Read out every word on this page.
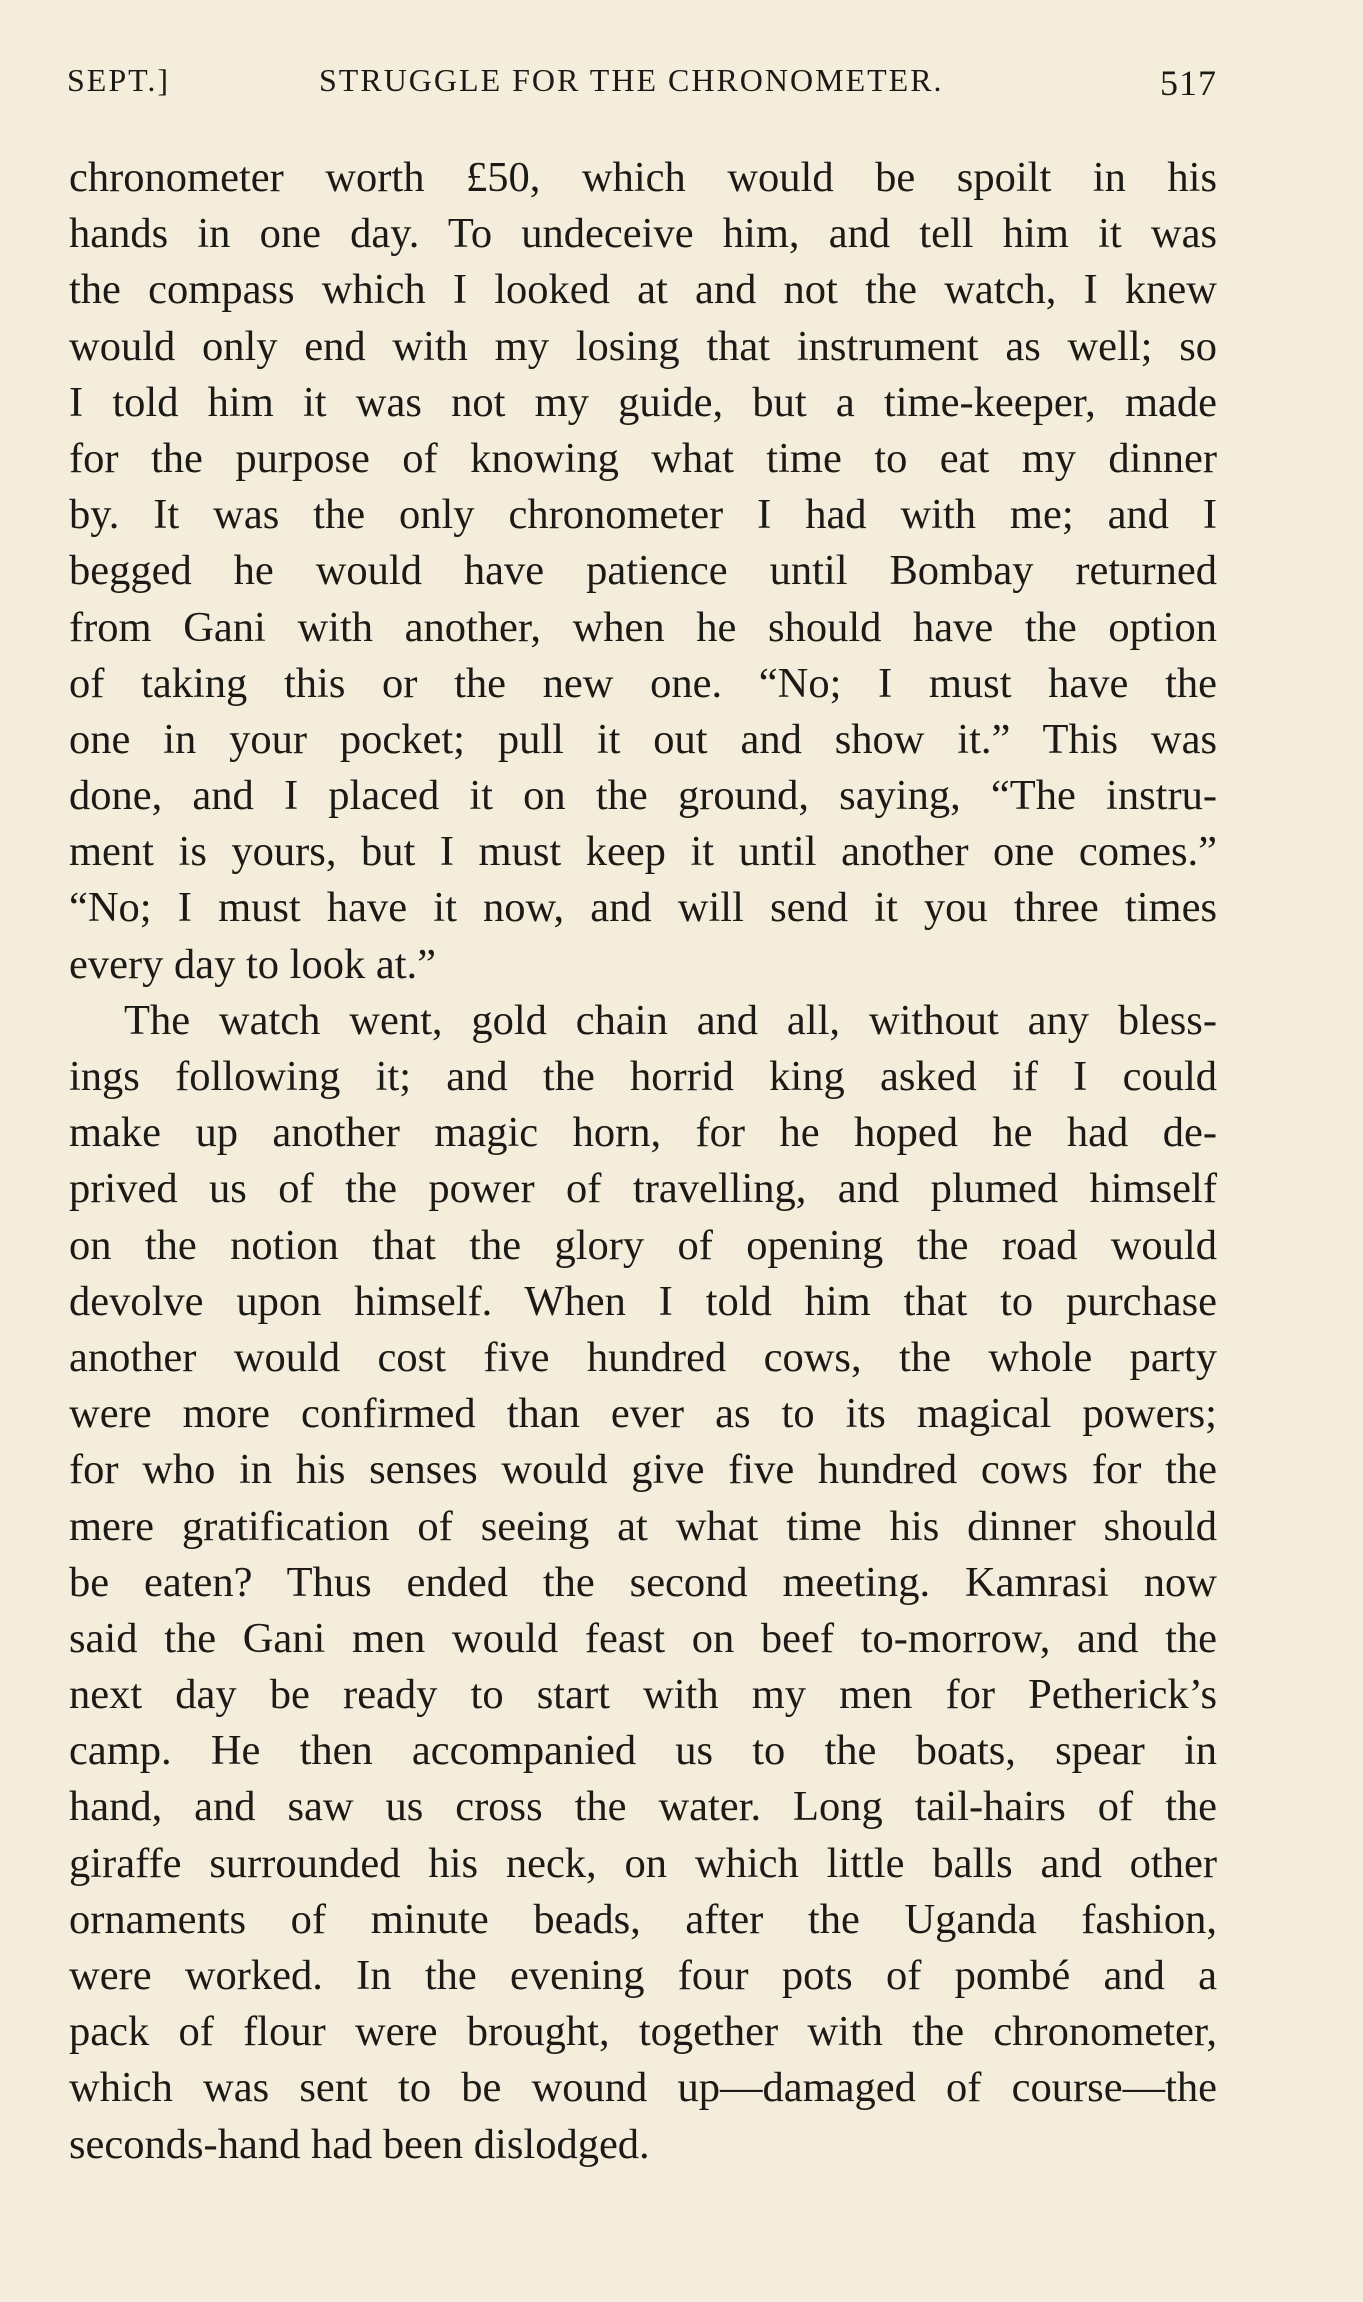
SEPT.]	STRUGGLE FOR THE CHRONOMETER.	517
chronometer worth £50, which would be spoilt in his
hands in one day. To undeceive him, and tell him it was
the compass which I looked at and not the watch, I knew
would only end with my losing that instrument as well; so
I told him it was not my guide, but a time-keeper, made
for the purpose of knowing what time to eat my dinner
by. It was the only chronometer I had with me; and I
begged he would have patience until Bombay returned
from Gani with another, when he should have the option
of taking this or the new one. “No; I must have the
one in your pocket; pull it out and show it.” This was
done, and I placed it on the ground, saying, “The instru-
ment is yours, but I must keep it until another one comes.”
“No; I must have it now, and will send it you three times
every day to look at.”
The watch went, gold chain and all, without any bless-
ings following it; and the horrid king asked if I could
make up another magic horn, for he hoped he had de-
prived us of the power of travelling, and plumed himself
on the notion that the glory of opening the road would
devolve upon himself. When I told him that to purchase
another would cost five hundred cows, the whole party
were more confirmed than ever as to its magical powers;
for who in his senses would give five hundred cows for the
mere gratification of seeing at what time his dinner should
be eaten? Thus ended the second meeting. Kamrasi now
said the Gani men would feast on beef to-morrow, and the
next day be ready to start with my men for Petherick’s
camp. He then accompanied us to the boats, spear in
hand, and saw us cross the water. Long tail-hairs of the
giraffe surrounded his neck, on which little balls and other
ornaments of minute beads, after the Uganda fashion,
were worked. In the evening four pots of pombé and a
pack of flour were brought, together with the chronometer,
which was sent to be wound up—damaged of course—the
seconds-hand had been dislodged.
